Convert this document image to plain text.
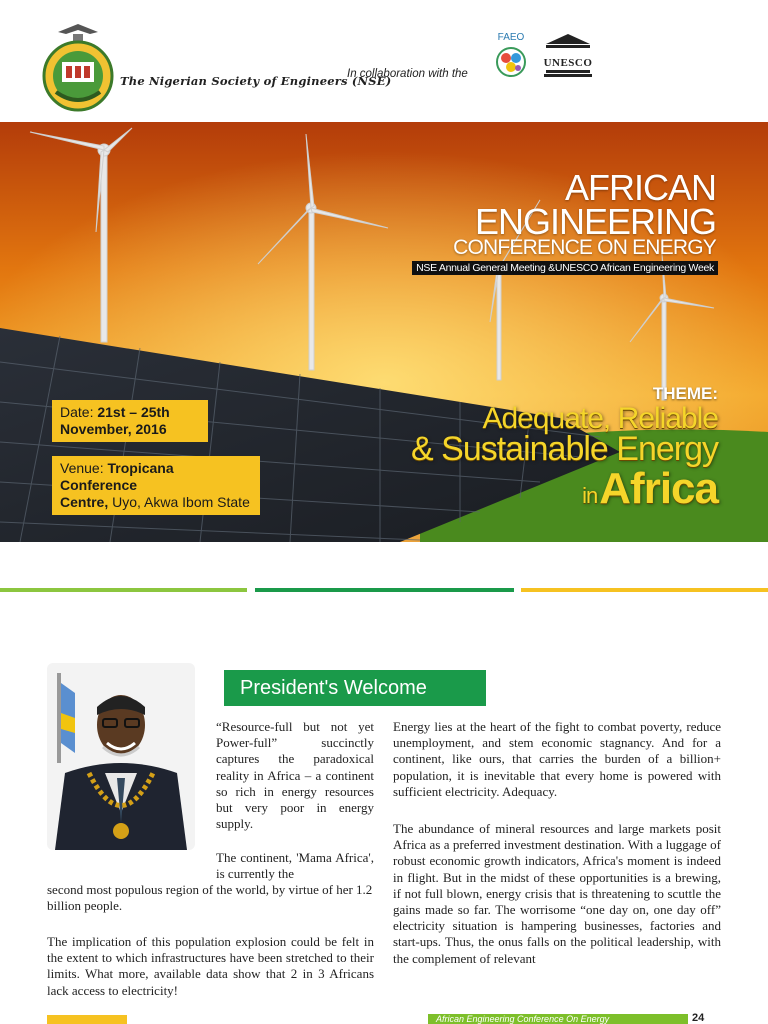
The Nigerian Society of Engineers (NSE)
In collaboration with the
FAEO
UNESCO
AFRICAN
ENGINEERING
CONFERENCE ON ENERGY
NSE Annual General Meeting &UNESCO African Engineering Week
THEME:
Adequate, Reliable
& Sustainable Energy
inAfrica
Date: 21st – 25th
November, 2016
Venue: Tropicana Conference
Centre, Uyo, Akwa Ibom State
President's Welcome
“Resource-full but not yet Power-full” succinctly captures the paradoxical reality in Africa – a continent so rich in energy resources but very poor in energy supply.
The continent, 'Mama Africa', is currently the
second most populous region of the world, by virtue of her 1.2 billion people.
The implication of this population explosion could be felt in the extent to which infrastructures have been stretched to their limits. What more, available data show that 2 in 3 Africans lack access to electricity!
Energy lies at the heart of the fight to combat poverty, reduce unemployment, and stem economic stagnancy. And for a continent, like ours, that carries the burden of a billion+ population, it is inevitable that every home is powered with sufficient electricity. Adequacy.
The abundance of mineral resources and large markets posit Africa as a preferred investment destination. With a luggage of robust economic growth indicators, Africa's moment is indeed in flight. But in the midst of these opportunities is a brewing, if not full blown, energy crisis that is threatening to scuttle the gains made so far. The worrisome “one day on, one day off” electricity situation is hampering businesses, factories and start-ups. Thus, the onus falls on the political leadership, with the complement of relevant
African Engineering Conference On Energy	24
